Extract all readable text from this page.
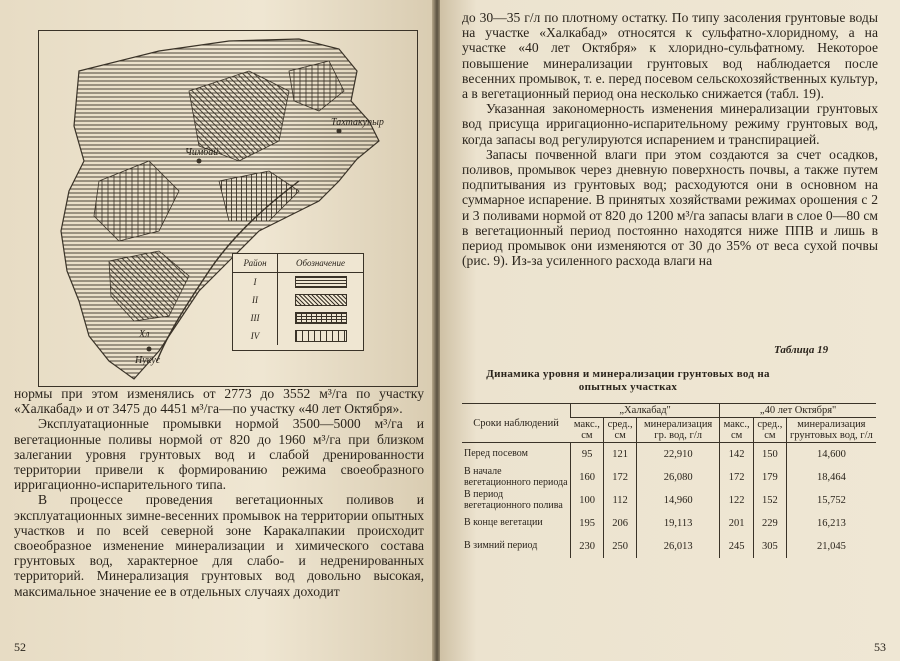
Чимбай
Тахтакупыр
Нукус
Хл
Район	Обозначение
I
II
III
IV

нормы при этом изменялись от 2773 до 3552 м³/га по участку «Халкабад» и от 3475 до 4451 м³/га—по участку «40 лет Октября».

Эксплуатационные промывки нормой 3500—5000 м³/га и вегетационные поливы нормой от 820 до 1960 м³/га при близком залегании уровня грунтовых вод и слабой дренированности территории привели к формированию режима своеобразного ирригационно-испарительного типа.

В процессе проведения вегетационных поливов и эксплуатационных зимне-весенних промывок на территории опытных участков и по всей северной зоне Каракалпакии происходит своеобразное изменение минерализации и химического состава грунтовых вод, характерное для слабо- и недренированных территорий. Минерализация грунтовых вод довольно высокая, максимальное значение ее в отдельных случаях доходит

52

до 30—35 г/л по плотному остатку. По типу засоления грунтовые воды на участке «Халкабад» относятся к сульфатно-хлоридному, а на участке «40 лет Октября» к хлоридно-сульфатному. Некоторое повышение минерализации грунтовых вод наблюдается после весенних промывок, т. е. перед посевом сельскохозяйственных культур, а в вегетационный период она несколько снижается (табл. 19).

Указанная закономерность изменения минерализации грунтовых вод присуща ирригационно-испарительному режиму грунтовых вод, когда запасы вод регулируются испарением и транспирацией.

Запасы почвенной влаги при этом создаются за счет осадков, поливов, промывок через дневную поверхность почвы, а также путем подпитывания из грунтовых вод; расходуются они в основном на суммарное испарение. В принятых хозяйствами режимах орошения с 2 и 3 поливами нормой от 820 до 1200 м³/га запасы влаги в слое 0—80 см в вегетационный период постоянно находятся ниже ППВ и лишь в период промывок они изменяются от 30 до 35% от веса сухой почвы (рис. 9). Из-за усиленного расхода влаги на

53
Таблица 19
Динамика уровня и минерализации грунтовых вод на опытных участках
Сроки наблюдений	„Халкабад"			„40 лет Октября"		
	макс., см	сред., см	минерализация гр. вод, г/л	макс., см	сред., см	минерализация грунтовых вод, г/л
Перед посевом	95	121	22,910	142	150	14,600
В начале вегетационного периода	160	172	26,080	172	179	18,464
В период вегетационного полива	100	112	14,960	122	152	15,752
В конце вегетации	195	206	19,113	201	229	16,213
В зимний период	230	250	26,013	245	305	21,045
